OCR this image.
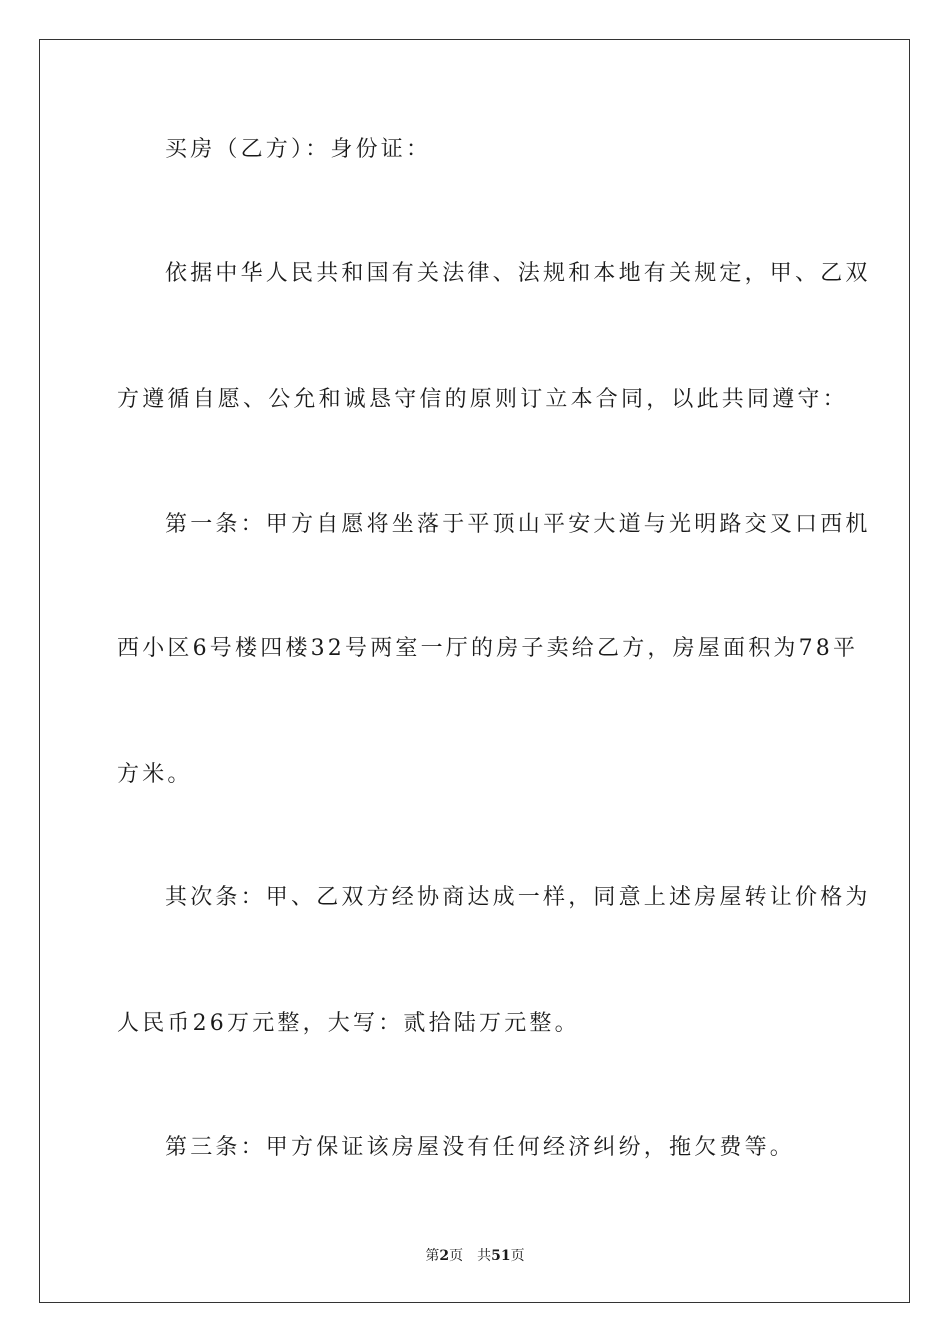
买房（乙方）：身份证：
依据中华人民共和国有关法律、法规和本地有关规定，甲、乙双
方遵循自愿、公允和诚恳守信的原则订立本合同，以此共同遵守：
第一条：甲方自愿将坐落于平顶山平安大道与光明路交叉口西机
西小区6号楼四楼32号两室一厅的房子卖给乙方，房屋面积为78平
方米。
其次条：甲、乙双方经协商达成一样，同意上述房屋转让价格为
人民币26万元整，大写：贰拾陆万元整。
第三条：甲方保证该房屋没有任何经济纠纷，拖欠费等。
第2页 共51页
